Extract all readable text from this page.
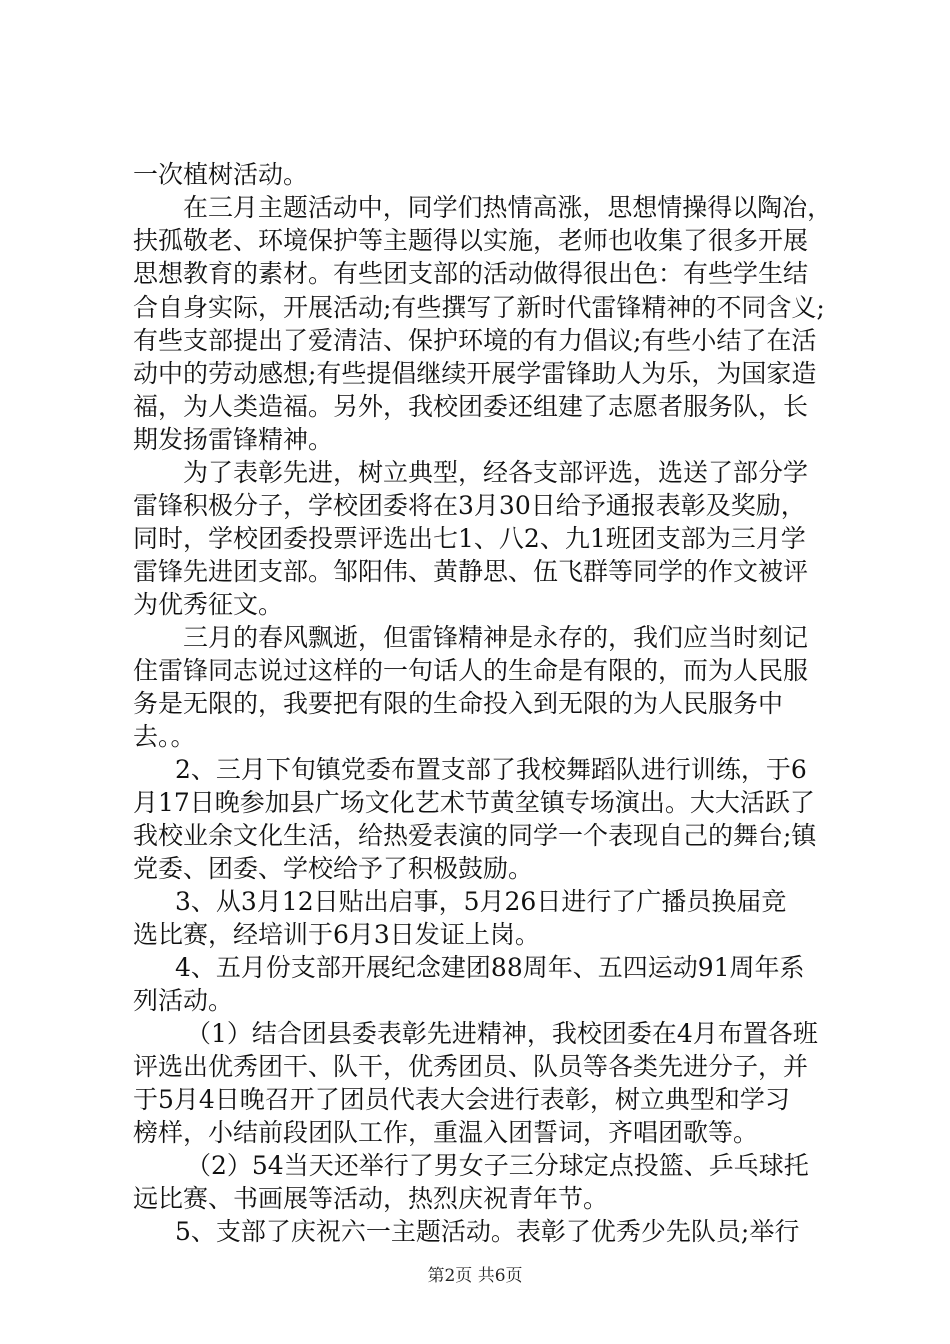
一次植树活动。
在三月主题活动中，同学们热情高涨，思想情操得以陶冶，
扶孤敬老、环境保护等主题得以实施，老师也收集了很多开展
思想教育的素材。有些团支部的活动做得很出色：有些学生结
合自身实际，开展活动;有些撰写了新时代雷锋精神的不同含义;
有些支部提出了爱清洁、保护环境的有力倡议;有些小结了在活
动中的劳动感想;有些提倡继续开展学雷锋助人为乐，为国家造
福，为人类造福。另外，我校团委还组建了志愿者服务队，长
期发扬雷锋精神。
为了表彰先进，树立典型，经各支部评选，选送了部分学
雷锋积极分子，学校团委将在3月30日给予通报表彰及奖励，
同时，学校团委投票评选出七1、八2、九1班团支部为三月学
雷锋先进团支部。邹阳伟、黄静思、伍飞群等同学的作文被评
为优秀征文。
三月的春风飘逝，但雷锋精神是永存的，我们应当时刻记
住雷锋同志说过这样的一句话人的生命是有限的，而为人民服
务是无限的，我要把有限的生命投入到无限的为人民服务中
去。。
2、三月下旬镇党委布置支部了我校舞蹈队进行训练，于6
月17日晚参加县广场文化艺术节黄坌镇专场演出。大大活跃了
我校业余文化生活，给热爱表演的同学一个表现自己的舞台;镇
党委、团委、学校给予了积极鼓励。
3、从3月12日贴出启事，5月26日进行了广播员换届竞
选比赛，经培训于6月3日发证上岗。
4、五月份支部开展纪念建团88周年、五四运动91周年系
列活动。
（1）结合团县委表彰先进精神，我校团委在4月布置各班
评选出优秀团干、队干，优秀团员、队员等各类先进分子，并
于5月4日晚召开了团员代表大会进行表彰，树立典型和学习
榜样，小结前段团队工作，重温入团誓词，齐唱团歌等。
（2）54当天还举行了男女子三分球定点投篮、乒乓球托
远比赛、书画展等活动，热烈庆祝青年节。
5、支部了庆祝六一主题活动。表彰了优秀少先队员;举行
第2页 共6页
